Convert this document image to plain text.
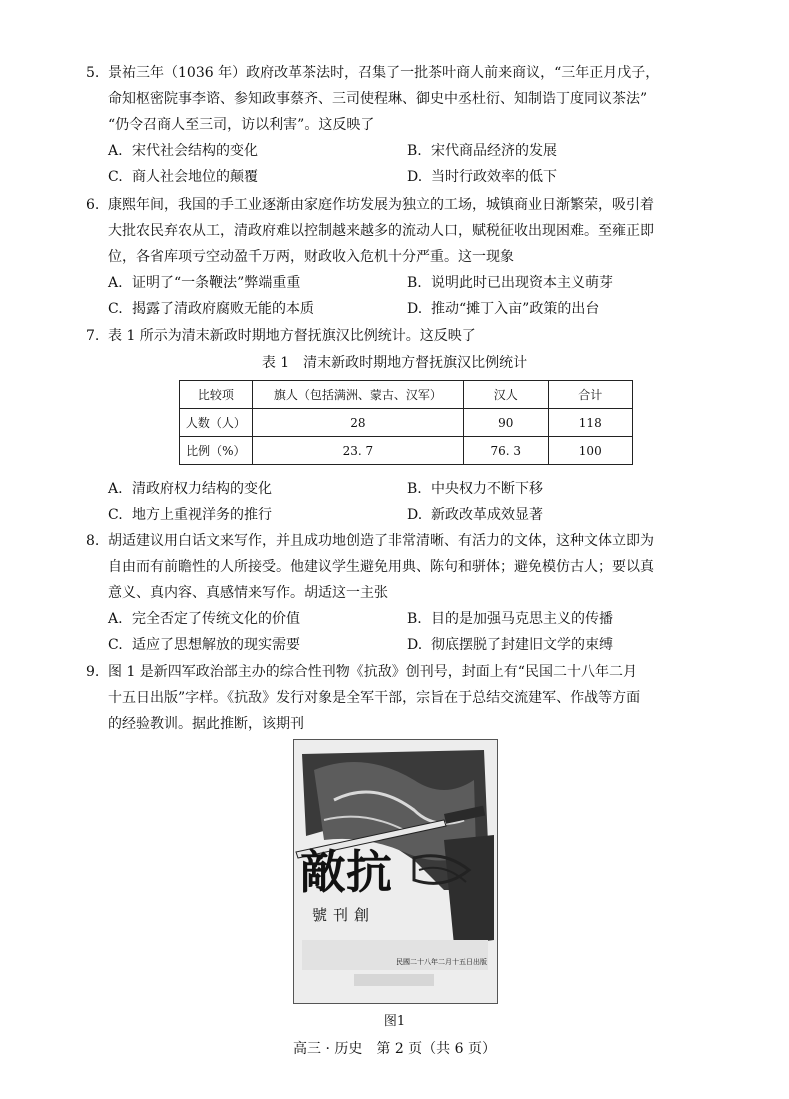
5. 景祐三年（1036 年）政府改革茶法时，召集了一批茶叶商人前来商议，“三年正月戊子，
命知枢密院事李谘、参知政事蔡齐、三司使程琳、御史中丞杜衍、知制诰丁度同议茶法”
“仍令召商人至三司，访以利害”。这反映了
A. 宋代社会结构的变化	B. 宋代商品经济的发展
C. 商人社会地位的颠覆	D. 当时行政效率的低下
6. 康熙年间，我国的手工业逐渐由家庭作坊发展为独立的工场，城镇商业日渐繁荣，吸引着
大批农民弃农从工，清政府难以控制越来越多的流动人口，赋税征收出现困难。至雍正即
位，各省库项亏空动盈千万两，财政收入危机十分严重。这一现象
A. 证明了“一条鞭法”弊端重重	B. 说明此时已出现资本主义萌芽
C. 揭露了清政府腐败无能的本质	D. 推动“摊丁入亩”政策的出台
7. 表 1 所示为清末新政时期地方督抚旗汉比例统计。这反映了
表 1　清末新政时期地方督抚旗汉比例统计
比较项	旗人（包括满洲、蒙古、汉军）	汉人	合计
人数（人）	28	90	118
比例（%）	23. 7	76. 3	100
A. 清政府权力结构的变化	B. 中央权力不断下移
C. 地方上重视洋务的推行	D. 新政改革成效显著
8. 胡适建议用白话文来写作，并且成功地创造了非常清晰、有活力的文体，这种文体立即为
自由而有前瞻性的人所接受。他建议学生避免用典、陈句和骈体；避免模仿古人；要以真
意义、真内容、真感情来写作。胡适这一主张
A. 完全否定了传统文化的价值	B. 目的是加强马克思主义的传播
C. 适应了思想解放的现实需要	D. 彻底摆脱了封建旧文学的束缚
9. 图 1 是新四军政治部主办的综合性刊物《抗敌》创刊号，封面上有“民国二十八年二月
十五日出版”字样。《抗敌》发行对象是全军干部，宗旨在于总结交流建军、作战等方面
的经验教训。据此推断，该期刊
敵抗
號刊創
民國二十八年二月十五日出版
图1
高三 · 历史　第 2 页（共 6 页）
